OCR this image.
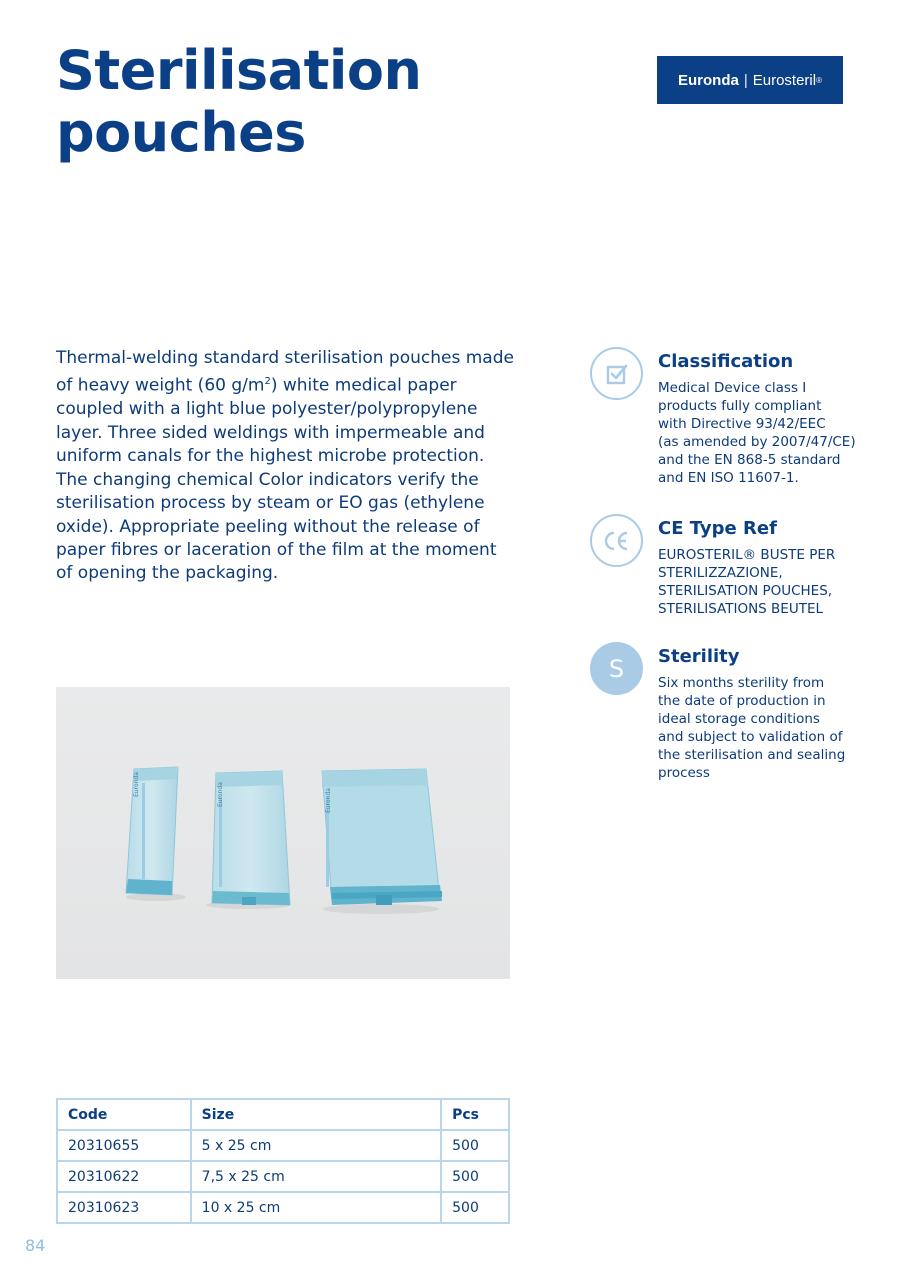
Sterilisation
pouches
Euronda | Eurosteril ®

Thermal-welding standard sterilisation pouches made of heavy weight (60 $g/m^2$) white medical paper coupled with a light blue polyester/polypropylene layer. Three sided weldings with impermeable and uniform canals for the highest microbe protection. The changing chemical Color indicators verify the sterilisation process by steam or EO gas (ethylene oxide). Appropriate peeling without the release of paper fibres or laceration of the film at the moment of opening the packaging.

Classification
Medical Device class I
products fully compliant
with Directive 93/42/EEC
(as amended by 2007/47/CE)
and the EN 868-5 standard
and EN ISO 11607-1.
CE Type Ref
EUROSTERIL® BUSTE PER
STERILIZZAZIONE,
STERILISATION POUCHES,
STERILISATIONS BEUTEL
S	Sterility
Six months sterility from
the date of production in
ideal storage conditions
and subject to validation of
the sterilisation and sealing
process
Euronda	Euronda	Euronda
Code	Size	Pcs
20310655	5 x 25 cm	500
20310622	7,5 x 25 cm	500
20310623	10 x 25 cm	500
84
